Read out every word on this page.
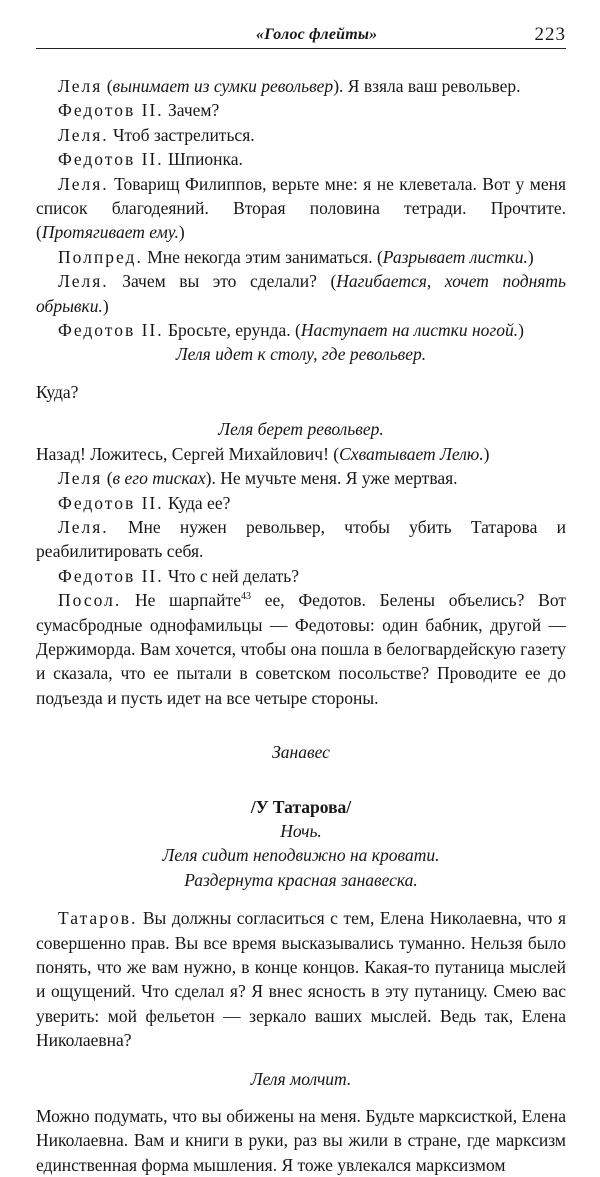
«Голос флейты»	223

Леля (вынимает из сумки револьвер). Я взяла ваш револьвер.

Федотов II. Зачем?

Леля. Чтоб застрелиться.

Федотов II. Шпионка.

Леля. Товарищ Филиппов, верьте мне: я не клеветала. Вот у меня список благодеяний. Вторая половина тетради. Прочтите. (Протягивает ему.)

Полпред. Мне некогда этим заниматься. (Разрывает листки.)

Леля. Зачем вы это сделали? (Нагибается, хочет поднять обрывки.)

Федотов II. Бросьте, ерунда. (Наступает на листки ногой.)

Леля идет к столу, где револьвер.

Куда?

Леля берет револьвер.

Назад! Ложитесь, Сергей Михайлович! (Схватывает Лелю.)

Леля (в его тисках). Не мучьте меня. Я уже мертвая.

Федотов II. Куда ее?

Леля. Мне нужен револьвер, чтобы убить Татарова и реабилитировать себя.

Федотов II. Что с ней делать?

Посол. Не шарпайте$^{43}$ ее, Федотов. Белены объелись? Вот сумасбродные однофамильцы — Федотовы: один бабник, другой — Держиморда. Вам хочется, чтобы она пошла в белогвардейскую газету и сказала, что ее пытали в советском посольстве? Проводите ее до подъезда и пусть идет на все четыре стороны.

Занавес

/У Татарова/

Ночь.

Леля сидит неподвижно на кровати.

Раздернута красная занавеска.

Татаров. Вы должны согласиться с тем, Елена Николаевна, что я совершенно прав. Вы все время высказывались туманно. Нельзя было понять, что же вам нужно, в конце концов. Какая-то путаница мыслей и ощущений. Что сделал я? Я внес ясность в эту путаницу. Смею вас уверить: мой фельетон — зеркало ваших мыслей. Ведь так, Елена Николаевна?

Леля молчит.

Можно подумать, что вы обижены на меня. Будьте марксисткой, Елена Николаевна. Вам и книги в руки, раз вы жили в стране, где марксизм единственная форма мышления. Я тоже увлекался марксизмом
